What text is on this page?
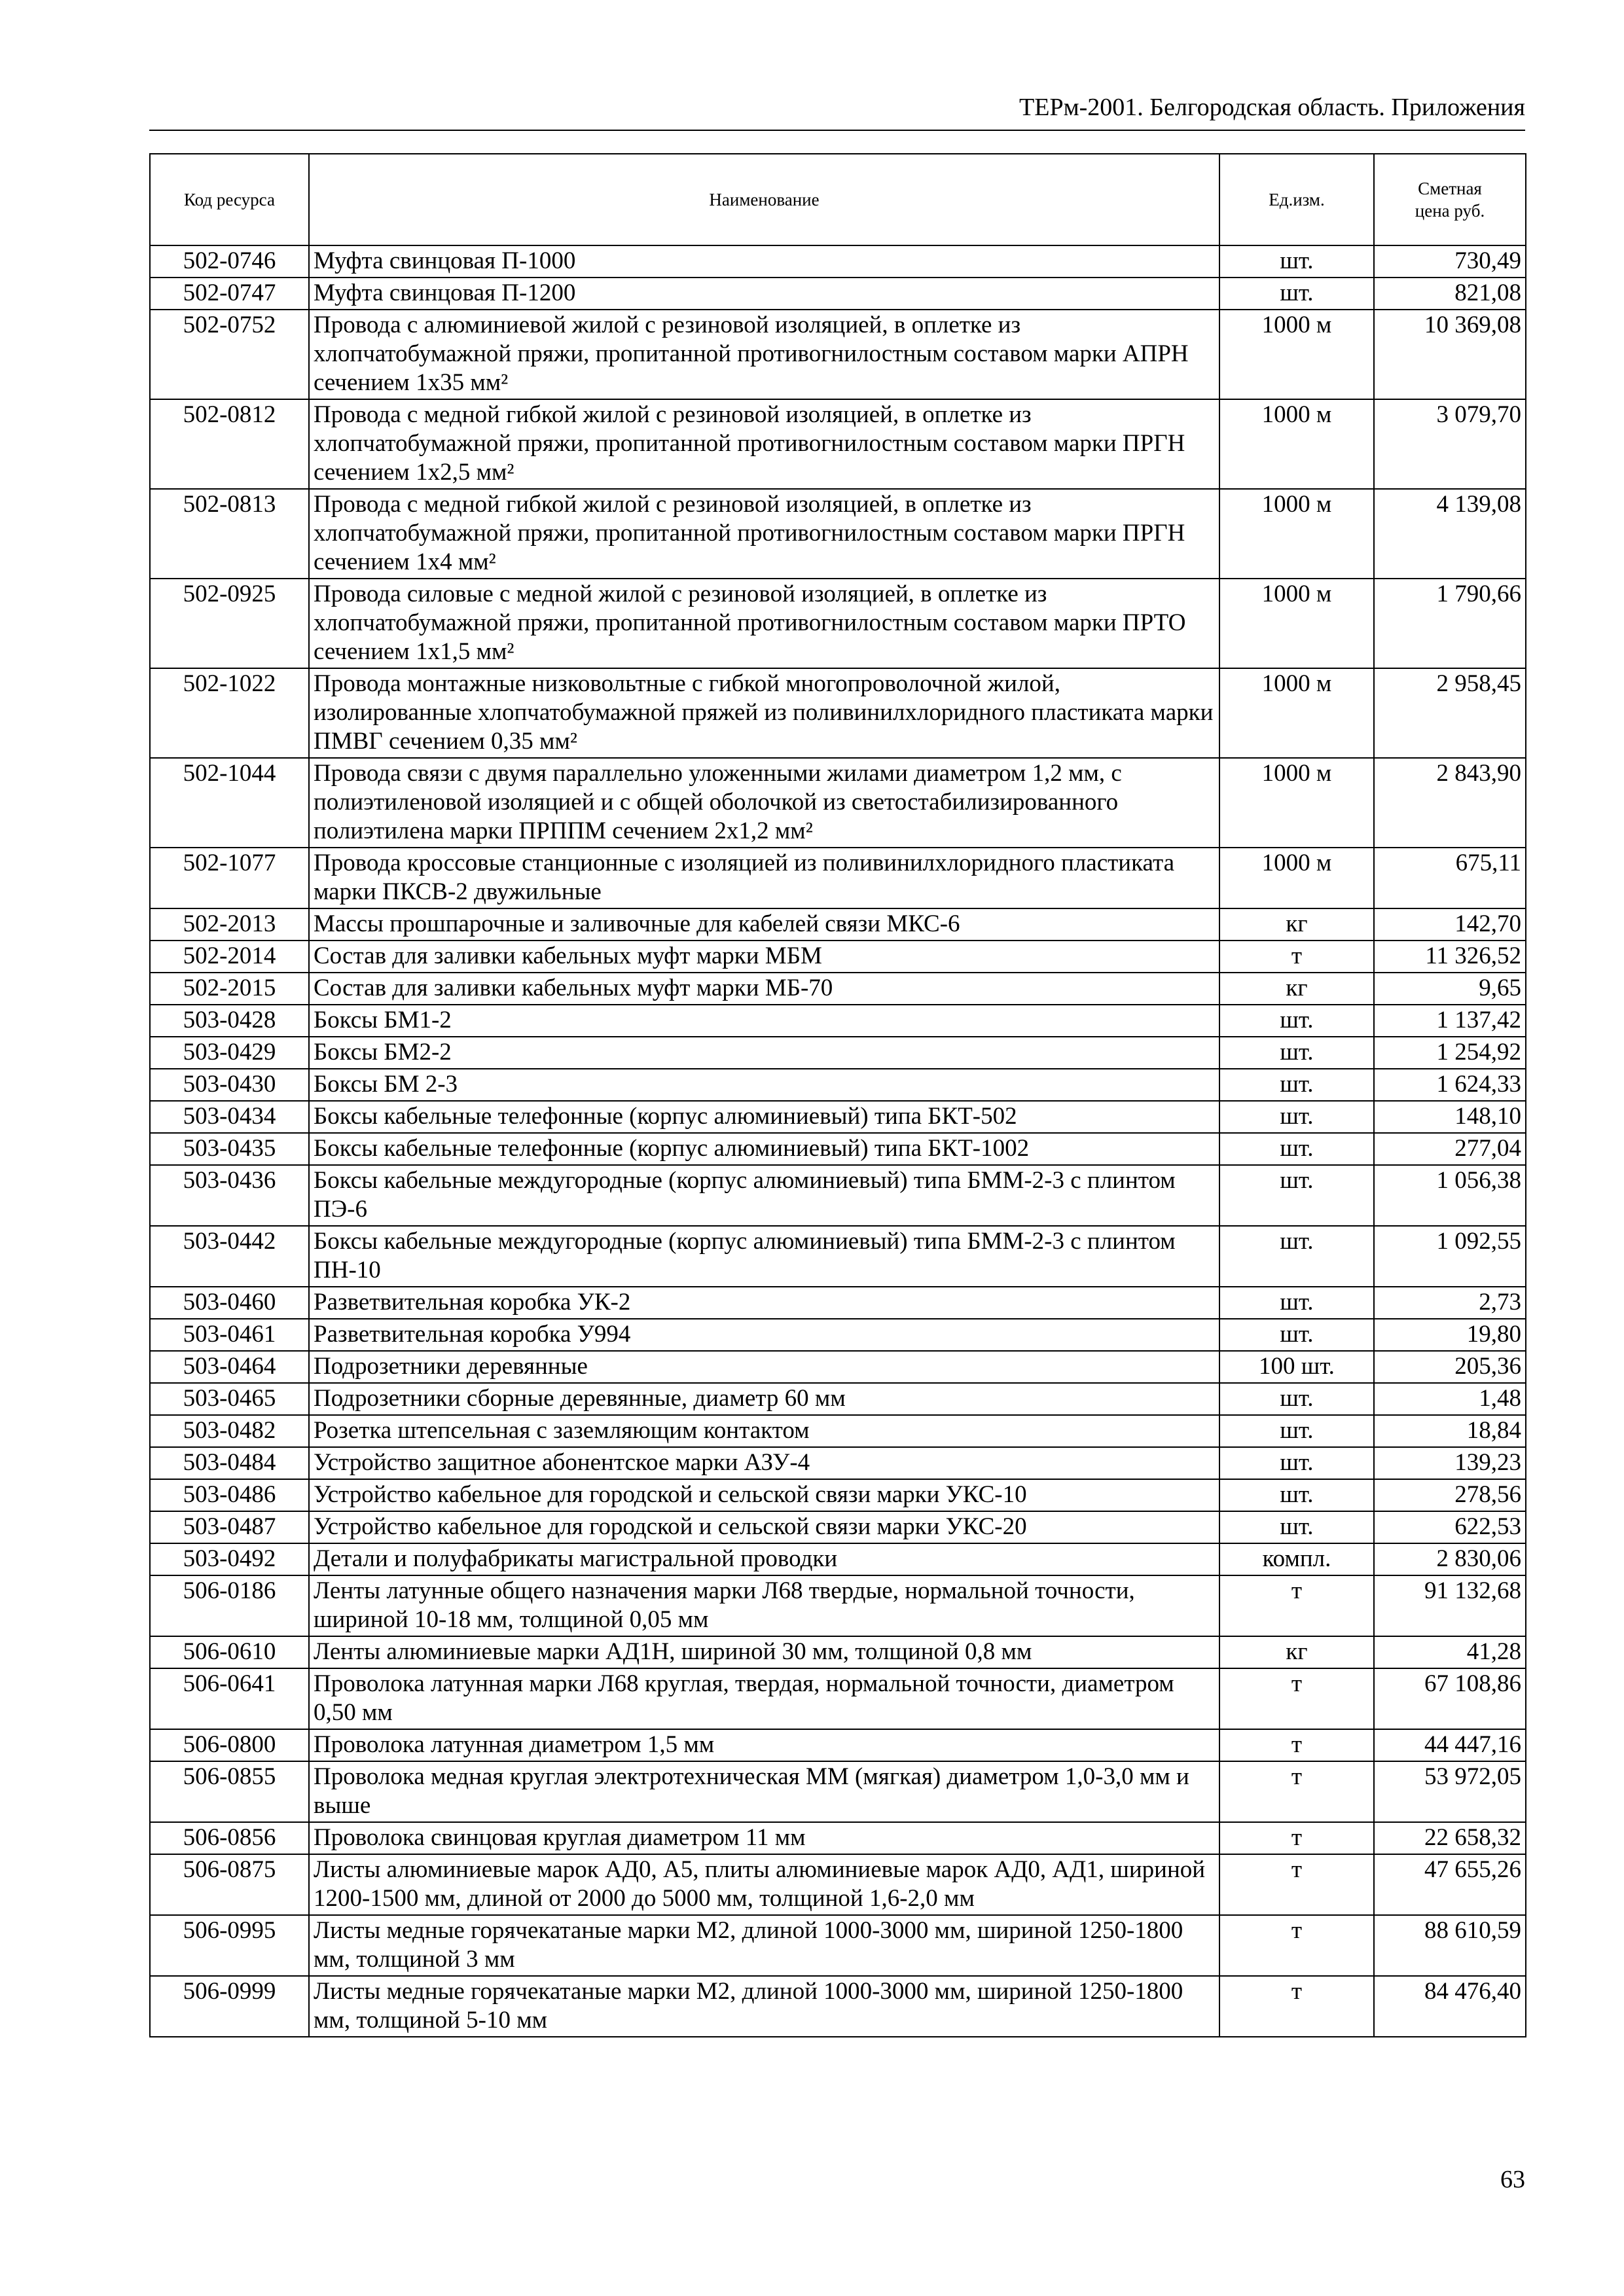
ТЕРм-2001. Белгородская область. Приложения
Код ресурса	Наименование	Ед.изм.	Сметная цена руб.
502-0746	Муфта свинцовая П-1000	шт.	730,49
502-0747	Муфта свинцовая П-1200	шт.	821,08
502-0752	Провода с алюминиевой жилой с резиновой изоляцией, в оплетке из хлопчатобумажной пряжи, пропитанной противогнилостным составом марки АПРН сечением 1х35 мм²	1000 м	10 369,08
502-0812	Провода с медной гибкой жилой с резиновой изоляцией, в оплетке из хлопчатобумажной пряжи, пропитанной противогнилостным составом марки ПРГН сечением 1х2,5 мм²	1000 м	3 079,70
502-0813	Провода с медной гибкой жилой с резиновой изоляцией, в оплетке из хлопчатобумажной пряжи, пропитанной противогнилостным составом марки ПРГН сечением 1х4 мм²	1000 м	4 139,08
502-0925	Провода силовые с медной жилой с резиновой изоляцией, в оплетке из хлопчатобумажной пряжи, пропитанной противогнилостным составом марки ПРТО сечением 1х1,5 мм²	1000 м	1 790,66
502-1022	Провода монтажные низковольтные с гибкой многопроволочной жилой, изолированные хлопчатобумажной пряжей из поливинилхлоридного пластиката марки ПМВГ сечением 0,35 мм²	1000 м	2 958,45
502-1044	Провода связи с двумя параллельно уложенными жилами диаметром 1,2 мм, с полиэтиленовой изоляцией и с общей оболочкой из светостабилизированного полиэтилена марки ПРППМ сечением 2х1,2 мм²	1000 м	2 843,90
502-1077	Провода кроссовые станционные с изоляцией из поливинилхлоридного пластиката марки ПКСВ-2 двужильные	1000 м	675,11
502-2013	Массы прошпарочные и заливочные для кабелей связи МКС-6	кг	142,70
502-2014	Состав для заливки кабельных муфт марки МБМ	т	11 326,52
502-2015	Состав для заливки кабельных муфт марки МБ-70	кг	9,65
503-0428	Боксы БМ1-2	шт.	1 137,42
503-0429	Боксы БМ2-2	шт.	1 254,92
503-0430	Боксы БМ 2-3	шт.	1 624,33
503-0434	Боксы кабельные телефонные (корпус алюминиевый) типа БКТ-502	шт.	148,10
503-0435	Боксы кабельные телефонные (корпус алюминиевый) типа БКТ-1002	шт.	277,04
503-0436	Боксы кабельные междугородные (корпус алюминиевый) типа БММ-2-3 с плинтом ПЭ-6	шт.	1 056,38
503-0442	Боксы кабельные междугородные (корпус алюминиевый) типа БММ-2-3 с плинтом ПН-10	шт.	1 092,55
503-0460	Разветвительная коробка УК-2	шт.	2,73
503-0461	Разветвительная коробка У994	шт.	19,80
503-0464	Подрозетники деревянные	100 шт.	205,36
503-0465	Подрозетники сборные деревянные, диаметр 60 мм	шт.	1,48
503-0482	Розетка штепсельная с заземляющим контактом	шт.	18,84
503-0484	Устройство защитное абонентское марки АЗУ-4	шт.	139,23
503-0486	Устройство кабельное для городской и сельской связи марки УКС-10	шт.	278,56
503-0487	Устройство кабельное для городской и сельской связи марки УКС-20	шт.	622,53
503-0492	Детали и полуфабрикаты магистральной проводки	компл.	2 830,06
506-0186	Ленты латунные общего назначения марки Л68 твердые, нормальной точности, шириной 10-18 мм, толщиной 0,05 мм	т	91 132,68
506-0610	Ленты алюминиевые марки АД1Н, шириной 30 мм, толщиной 0,8 мм	кг	41,28
506-0641	Проволока латунная марки Л68 круглая, твердая, нормальной точности, диаметром 0,50 мм	т	67 108,86
506-0800	Проволока латунная диаметром 1,5 мм	т	44 447,16
506-0855	Проволока медная круглая электротехническая ММ (мягкая) диаметром 1,0-3,0 мм и выше	т	53 972,05
506-0856	Проволока свинцовая круглая диаметром 11 мм	т	22 658,32
506-0875	Листы алюминиевые марок АД0, А5, плиты алюминиевые марок АД0, АД1, шириной 1200-1500 мм, длиной от 2000 до 5000 мм, толщиной 1,6-2,0 мм	т	47 655,26
506-0995	Листы медные горячекатаные марки М2, длиной 1000-3000 мм, шириной 1250-1800 мм, толщиной 3 мм	т	88 610,59
506-0999	Листы медные горячекатаные марки М2, длиной 1000-3000 мм, шириной 1250-1800 мм, толщиной 5-10 мм	т	84 476,40
63
